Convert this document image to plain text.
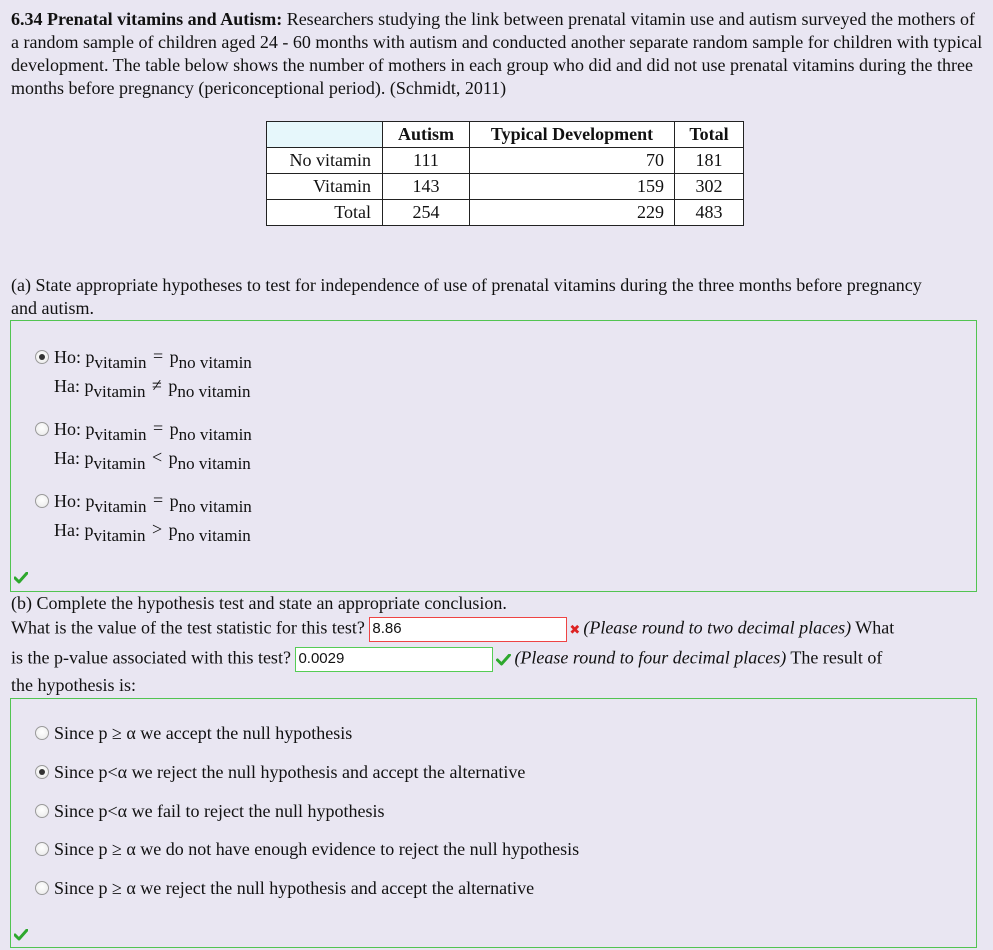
6.34 Prenatal vitamins and Autism: Researchers studying the link between prenatal vitamin use and autism surveyed the mothers of a random sample of children aged 24 - 60 months with autism and conducted another separate random sample for children with typical development. The table below shows the number of mothers in each group who did and did not use prenatal vitamins during the three months before pregnancy (periconceptional period). (Schmidt, 2011)
	Autism	Typical Development	Total
No vitamin	111	70	181
Vitamin	143	159	302
Total	254	229	483
(a) State appropriate hypotheses to test for independence of use of prenatal vitamins during the three months before pregnancy and autism.
Ho: pvitamin = pno vitamin
Ha: pvitamin ≠ pno vitamin
Ho: pvitamin = pno vitamin
Ha: pvitamin < pno vitamin
Ho: pvitamin = pno vitamin
Ha: pvitamin > pno vitamin
(b) Complete the hypothesis test and state an appropriate conclusion.
What is the value of the test statistic for this test? 8.86	✖ (Please round to two decimal places) What
is the p-value associated with this test? 0.0029	(Please round to four decimal places) The result of
the hypothesis is:
Since p ≥ α we accept the null hypothesis
Since p<α we reject the null hypothesis and accept the alternative
Since p<α we fail to reject the null hypothesis
Since p ≥ α we do not have enough evidence to reject the null hypothesis
Since p ≥ α we reject the null hypothesis and accept the alternative
